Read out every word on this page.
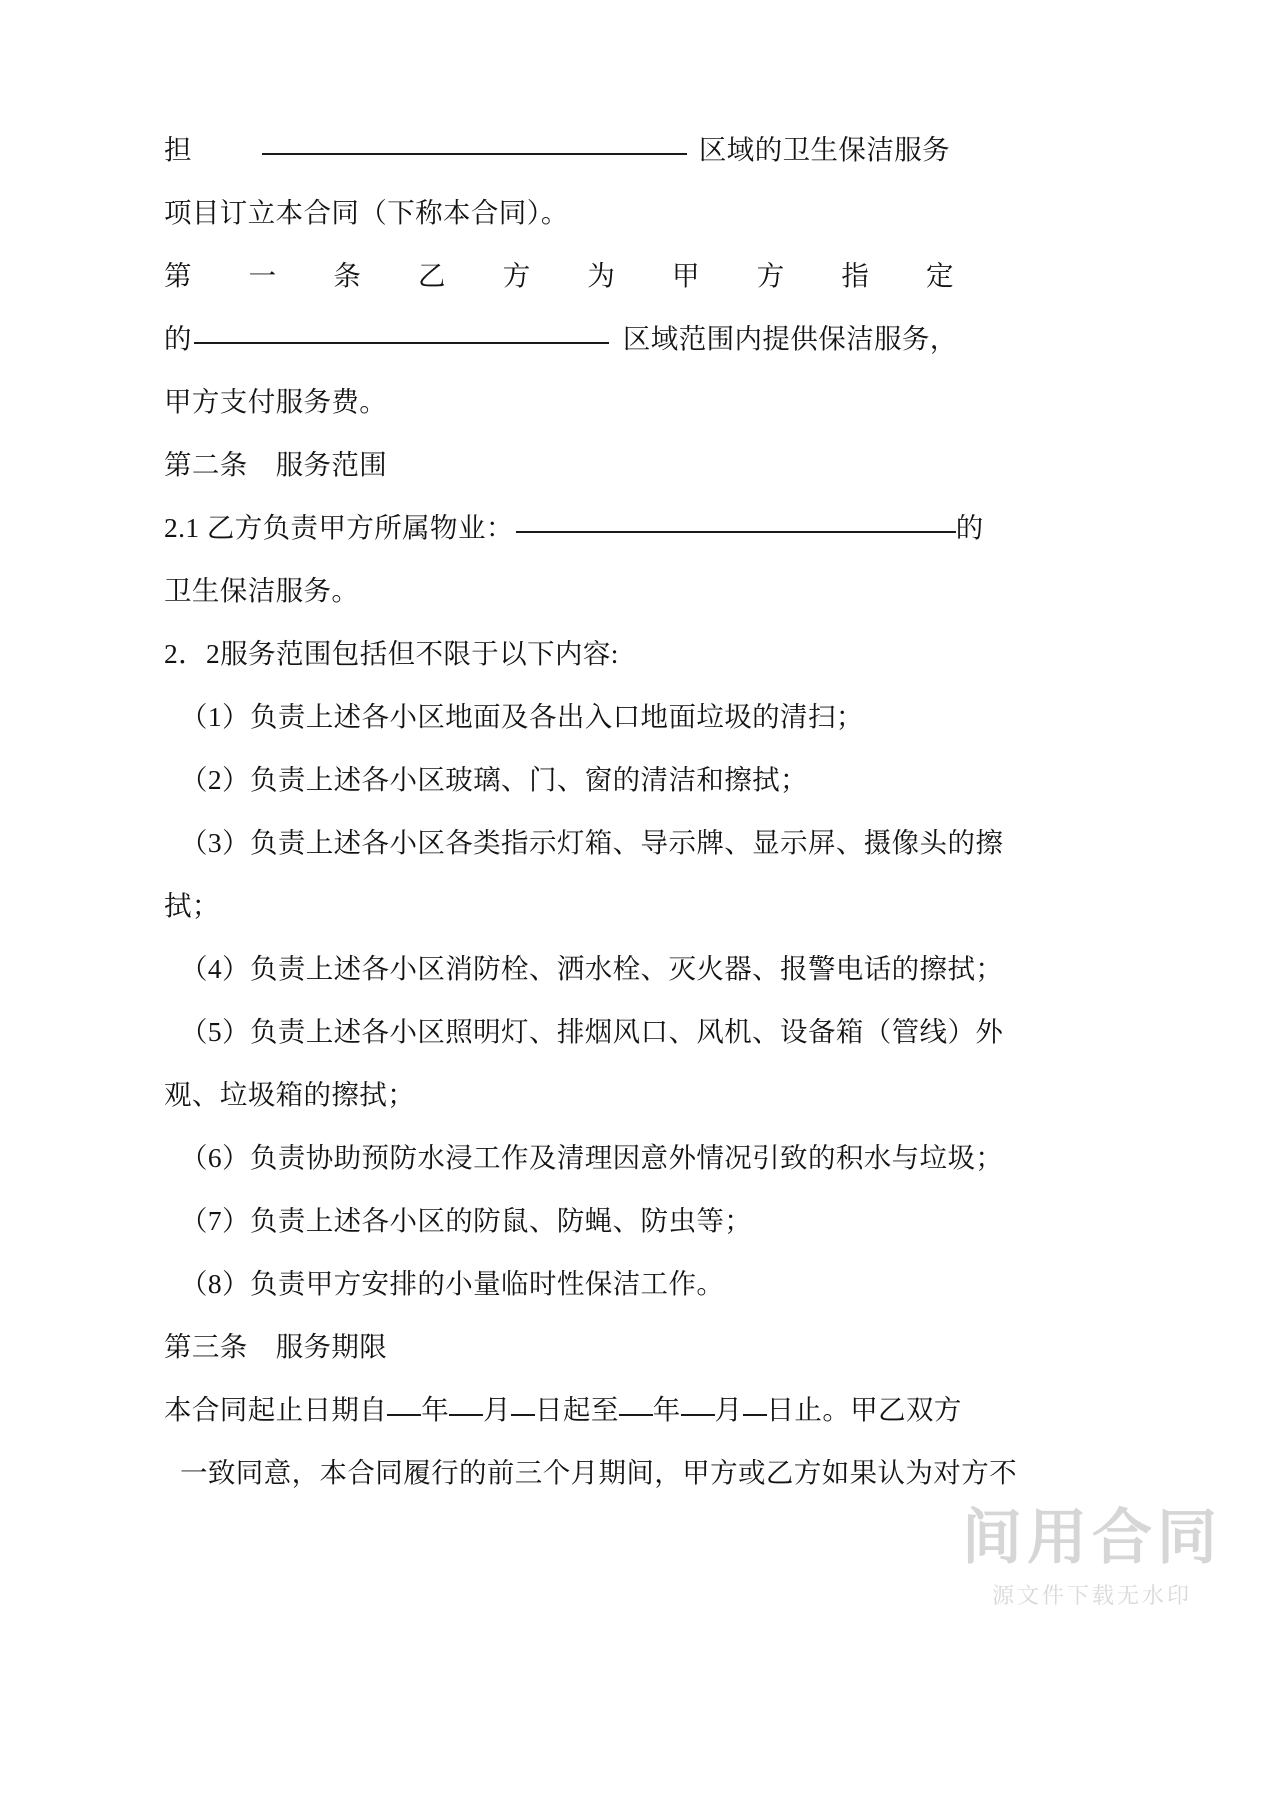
担	区域的卫生保洁服务
项目订立本合同（下称本合同）。
第 一 条 乙 方 为 甲 方 指 定
的	区域范围内提供保洁服务，
甲方支付服务费。
第二条　服务范围
2.1 乙方负责甲方所属物业：	的
卫生保洁服务。
2．2服务范围包括但不限于以下内容:
（1）负责上述各小区地面及各出入口地面垃圾的清扫；
（2）负责上述各小区玻璃、门、窗的清洁和擦拭；
（3）负责上述各小区各类指示灯箱、导示牌、显示屏、摄像头的擦
拭；
（4）负责上述各小区消防栓、洒水栓、灭火器、报警电话的擦拭；
（5）负责上述各小区照明灯、排烟风口、风机、设备箱（管线）外
观、垃圾箱的擦拭；
（6）负责协助预防水浸工作及清理因意外情况引致的积水与垃圾；
（7）负责上述各小区的防鼠、防蝇、防虫等；
（8）负责甲方安排的小量临时性保洁工作。
第三条　服务期限
本合同起止日期自 年 月 日起至 年 月 日止。甲乙双方
一致同意，本合同履行的前三个月期间，甲方或乙方如果认为对方不
间用合同
源文件下载无水印
